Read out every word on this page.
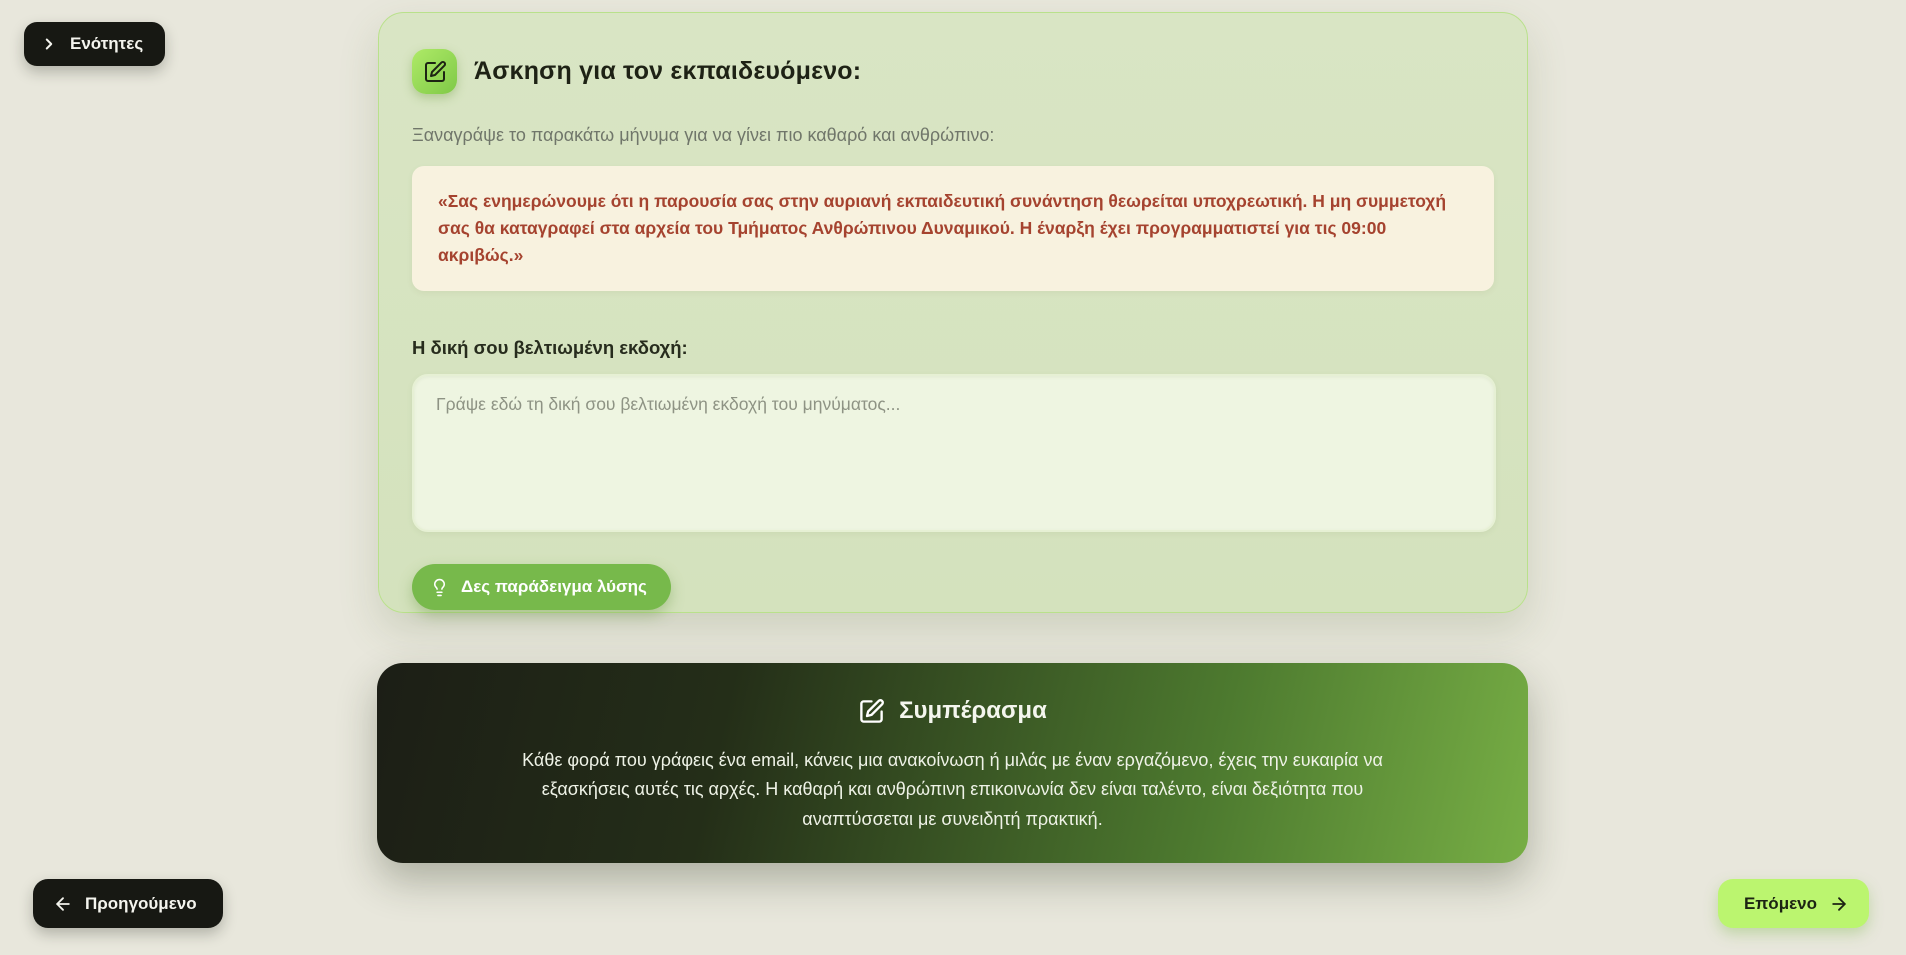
Ενότητες
Άσκηση για τον εκπαιδευόμενο:

Ξαναγράψε το παρακάτω μήνυμα για να γίνει πιο καθαρό και ανθρώπινο:

«Σας ενημερώνουμε ότι η παρουσία σας στην αυριανή εκπαιδευτική συνάντηση θεωρείται υποχρεωτική. Η μη συμμετοχή σας θα καταγραφεί στα αρχεία του Τμήματος Ανθρώπινου Δυναμικού. Η έναρξη έχει προγραμματιστεί για τις 09:00 ακριβώς.»

Η δική σου βελτιωμένη εκδοχή:

Γράψε εδώ τη δική σου βελτιωμένη εκδοχή του μηνύματος...
Δες παράδειγμα λύσης
Συμπέρασμα

Κάθε φορά που γράφεις ένα email, κάνεις μια ανακοίνωση ή μιλάς με έναν εργαζόμενο, έχεις την ευκαιρία να εξασκήσεις αυτές τις αρχές. Η καθαρή και ανθρώπινη επικοινωνία δεν είναι ταλέντο, είναι δεξιότητα που αναπτύσσεται με συνειδητή πρακτική.

Προηγούμενο	Επόμενο
